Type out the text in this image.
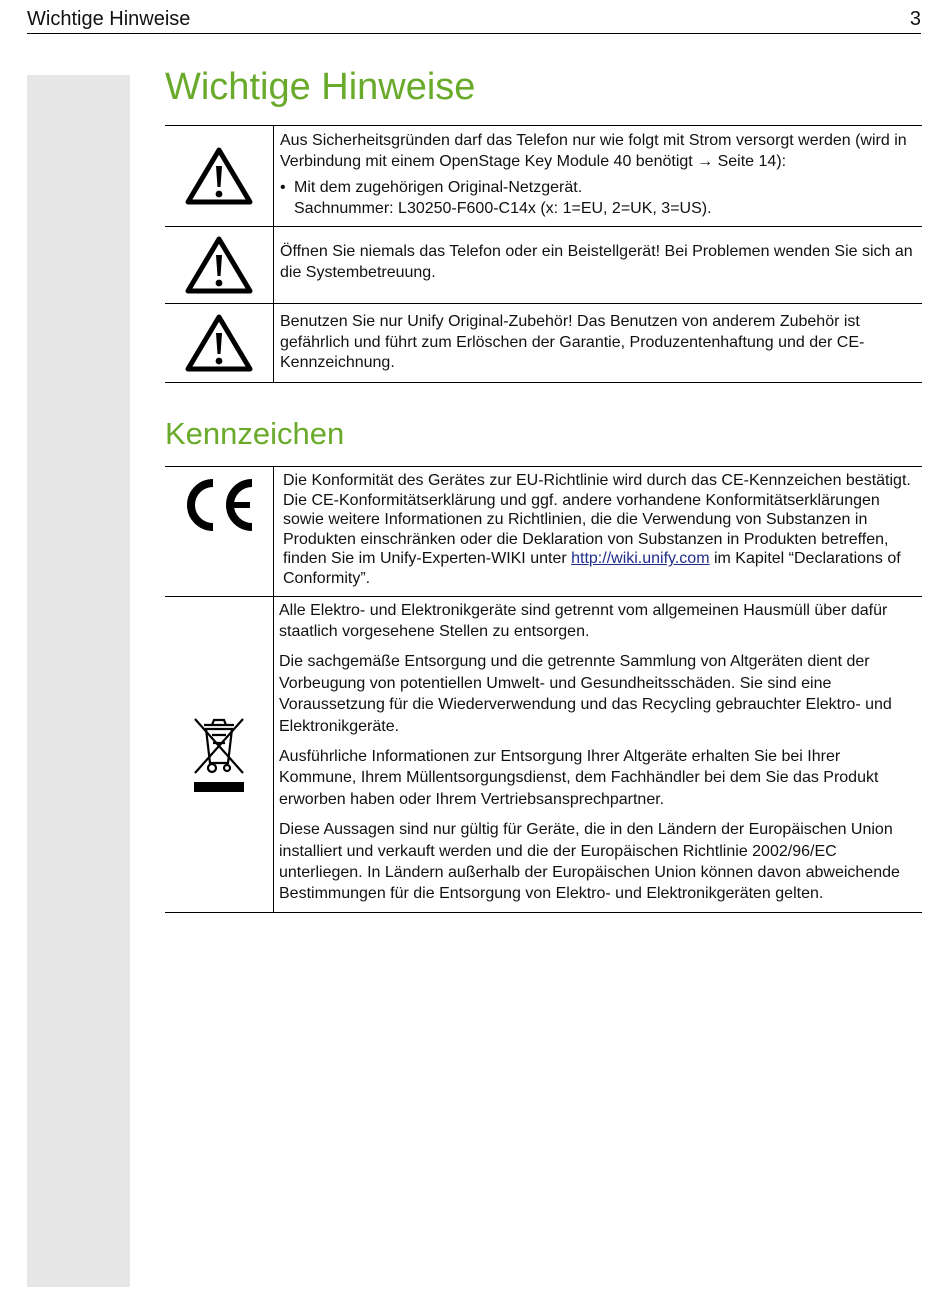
Wichtige Hinweise	3
Wichtige Hinweise

Aus Sicherheitsgründen darf das Telefon nur wie folgt mit Strom versorgt werden (wird in Verbindung mit einem OpenStage Key Module 40 benötigt → Seite 14):
• Mit dem zugehörigen Original-Netzgerät.
Sachnummer: L30250-F600-C14x (x: 1=EU, 2=UK, 3=US).

Öffnen Sie niemals das Telefon oder ein Beistellgerät! Bei Problemen wenden Sie sich an die Systembetreuung.

Benutzen Sie nur Unify Original-Zubehör! Das Benutzen von anderem Zubehör ist gefährlich und führt zum Erlöschen der Garantie, Produzentenhaftung und der CE-Kennzeichnung.
Kennzeichen
	Die Konformität des Gerätes zur EU-Richtlinie wird durch das CE-Kennzeichen bestätigt. Die CE-Konformitätserklärung und ggf. andere vorhandene Konformitätserklärungen sowie weitere Informationen zu Richtlinien, die die Verwendung von Substanzen in Produkten einschränken oder die Deklaration von Substanzen in Produkten betreffen, finden Sie im Unify-Experten-WIKI unter http://wiki.unify.com im Kapitel “Declarations of Conformity”.

Alle Elektro- und Elektronikgeräte sind getrennt vom allgemeinen Hausmüll über dafür staatlich vorgesehene Stellen zu entsorgen.

Die sachgemäße Entsorgung und die getrennte Sammlung von Altgeräten dient der Vorbeugung von potentiellen Umwelt- und Gesundheitsschäden. Sie sind eine Voraussetzung für die Wiederverwendung und das Recycling gebrauchter Elektro- und Elektronikgeräte.

Ausführliche Informationen zur Entsorgung Ihrer Altgeräte erhalten Sie bei Ihrer Kommune, Ihrem Müllentsorgungsdienst, dem Fachhändler bei dem Sie das Produkt erworben haben oder Ihrem Vertriebsansprechpartner.

Diese Aussagen sind nur gültig für Geräte, die in den Ländern der Europäischen Union installiert und verkauft werden und die der Europäischen Richtlinie 2002/96/EC unterliegen. In Ländern außerhalb der Europäischen Union können davon abweichende Bestimmungen für die Entsorgung von Elektro- und Elektronikgeräten gelten.
